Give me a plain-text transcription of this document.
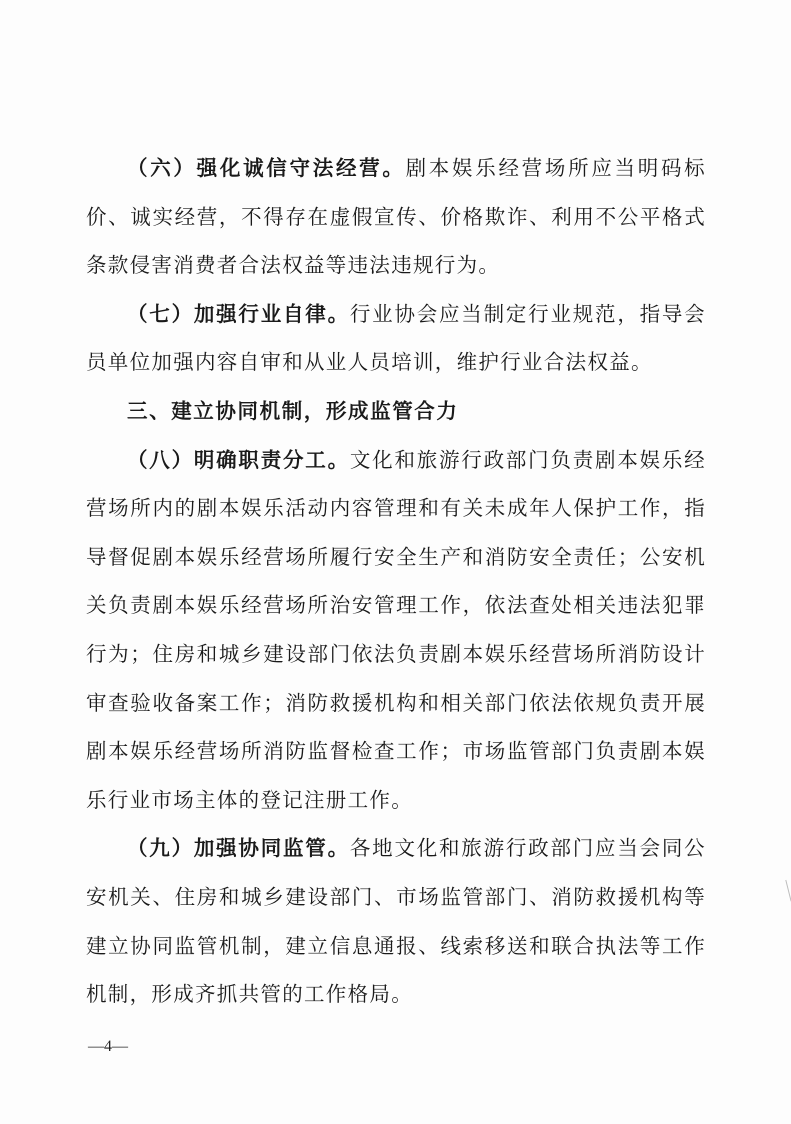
（六）强化诚信守法经营。剧本娱乐经营场所应当明码标价、诚实经营，不得存在虚假宣传、价格欺诈、利用不公平格式条款侵害消费者合法权益等违法违规行为。

（七）加强行业自律。行业协会应当制定行业规范，指导会员单位加强内容自审和从业人员培训，维护行业合法权益。

三、建立协同机制，形成监管合力

（八）明确职责分工。文化和旅游行政部门负责剧本娱乐经营场所内的剧本娱乐活动内容管理和有关未成年人保护工作，指导督促剧本娱乐经营场所履行安全生产和消防安全责任；公安机关负责剧本娱乐经营场所治安管理工作，依法查处相关违法犯罪行为；住房和城乡建设部门依法负责剧本娱乐经营场所消防设计审查验收备案工作；消防救援机构和相关部门依法依规负责开展剧本娱乐经营场所消防监督检查工作；市场监管部门负责剧本娱乐行业市场主体的登记注册工作。

（九）加强协同监管。各地文化和旅游行政部门应当会同公安机关、住房和城乡建设部门、市场监管部门、消防救援机构等建立协同监管机制，建立信息通报、线索移送和联合执法等工作机制，形成齐抓共管的工作格局。

—4—
